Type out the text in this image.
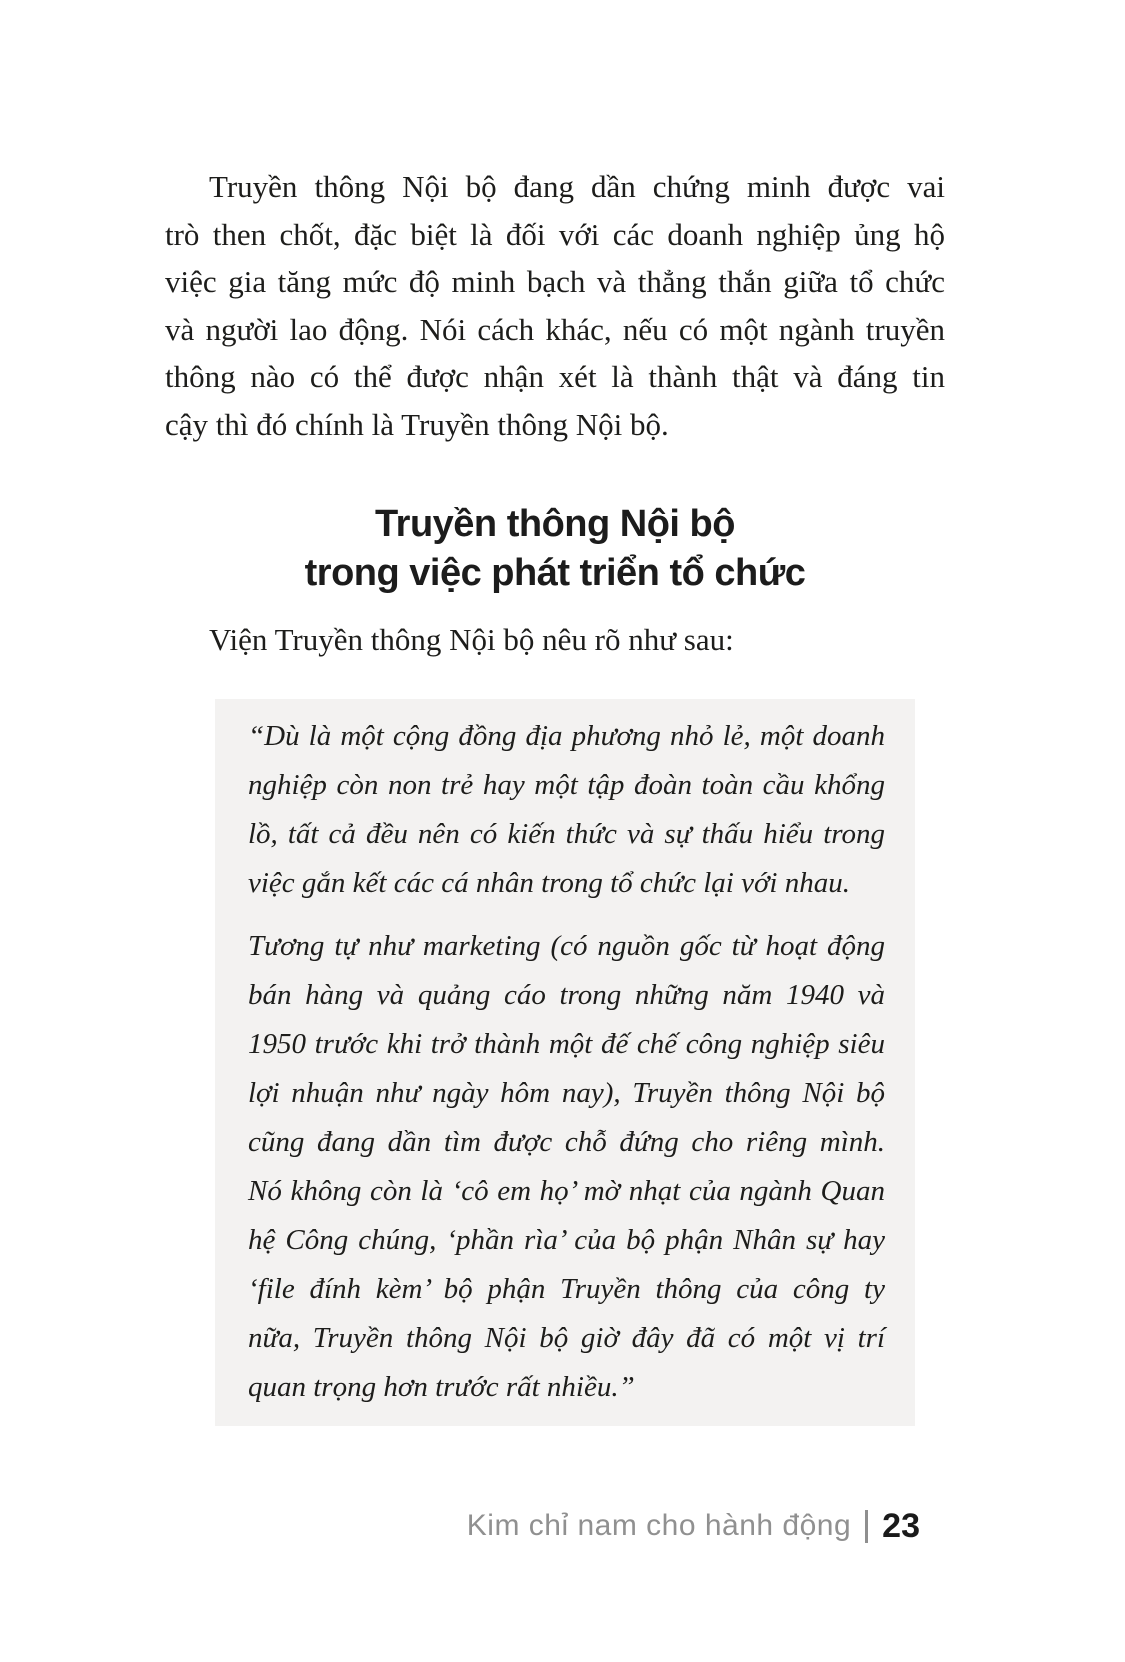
Truyền thông Nội bộ đang dần chứng minh được vai
trò then chốt, đặc biệt là đối với các doanh nghiệp ủng hộ
việc gia tăng mức độ minh bạch và thẳng thắn giữa tổ chức
và người lao động. Nói cách khác, nếu có một ngành truyền
thông nào có thể được nhận xét là thành thật và đáng tin
cậy thì đó chính là Truyền thông Nội bộ.
Truyền thông Nội bộ
trong việc phát triển tổ chức
Viện Truyền thông Nội bộ nêu rõ như sau:
“Dù là một cộng đồng địa phương nhỏ lẻ, một doanh
nghiệp còn non trẻ hay một tập đoàn toàn cầu khổng
lồ, tất cả đều nên có kiến thức và sự thấu hiểu trong
việc gắn kết các cá nhân trong tổ chức lại với nhau.
Tương tự như marketing (có nguồn gốc từ hoạt động
bán hàng và quảng cáo trong những năm 1940 và
1950 trước khi trở thành một đế chế công nghiệp siêu
lợi nhuận như ngày hôm nay), Truyền thông Nội bộ
cũng đang dần tìm được chỗ đứng cho riêng mình.
Nó không còn là ‘cô em họ’ mờ nhạt của ngành Quan
hệ Công chúng, ‘phần rìa’ của bộ phận Nhân sự hay
‘file đính kèm’ bộ phận Truyền thông của công ty
nữa, Truyền thông Nội bộ giờ đây đã có một vị trí
quan trọng hơn trước rất nhiều.”
Kim chỉ nam cho hành động 23
